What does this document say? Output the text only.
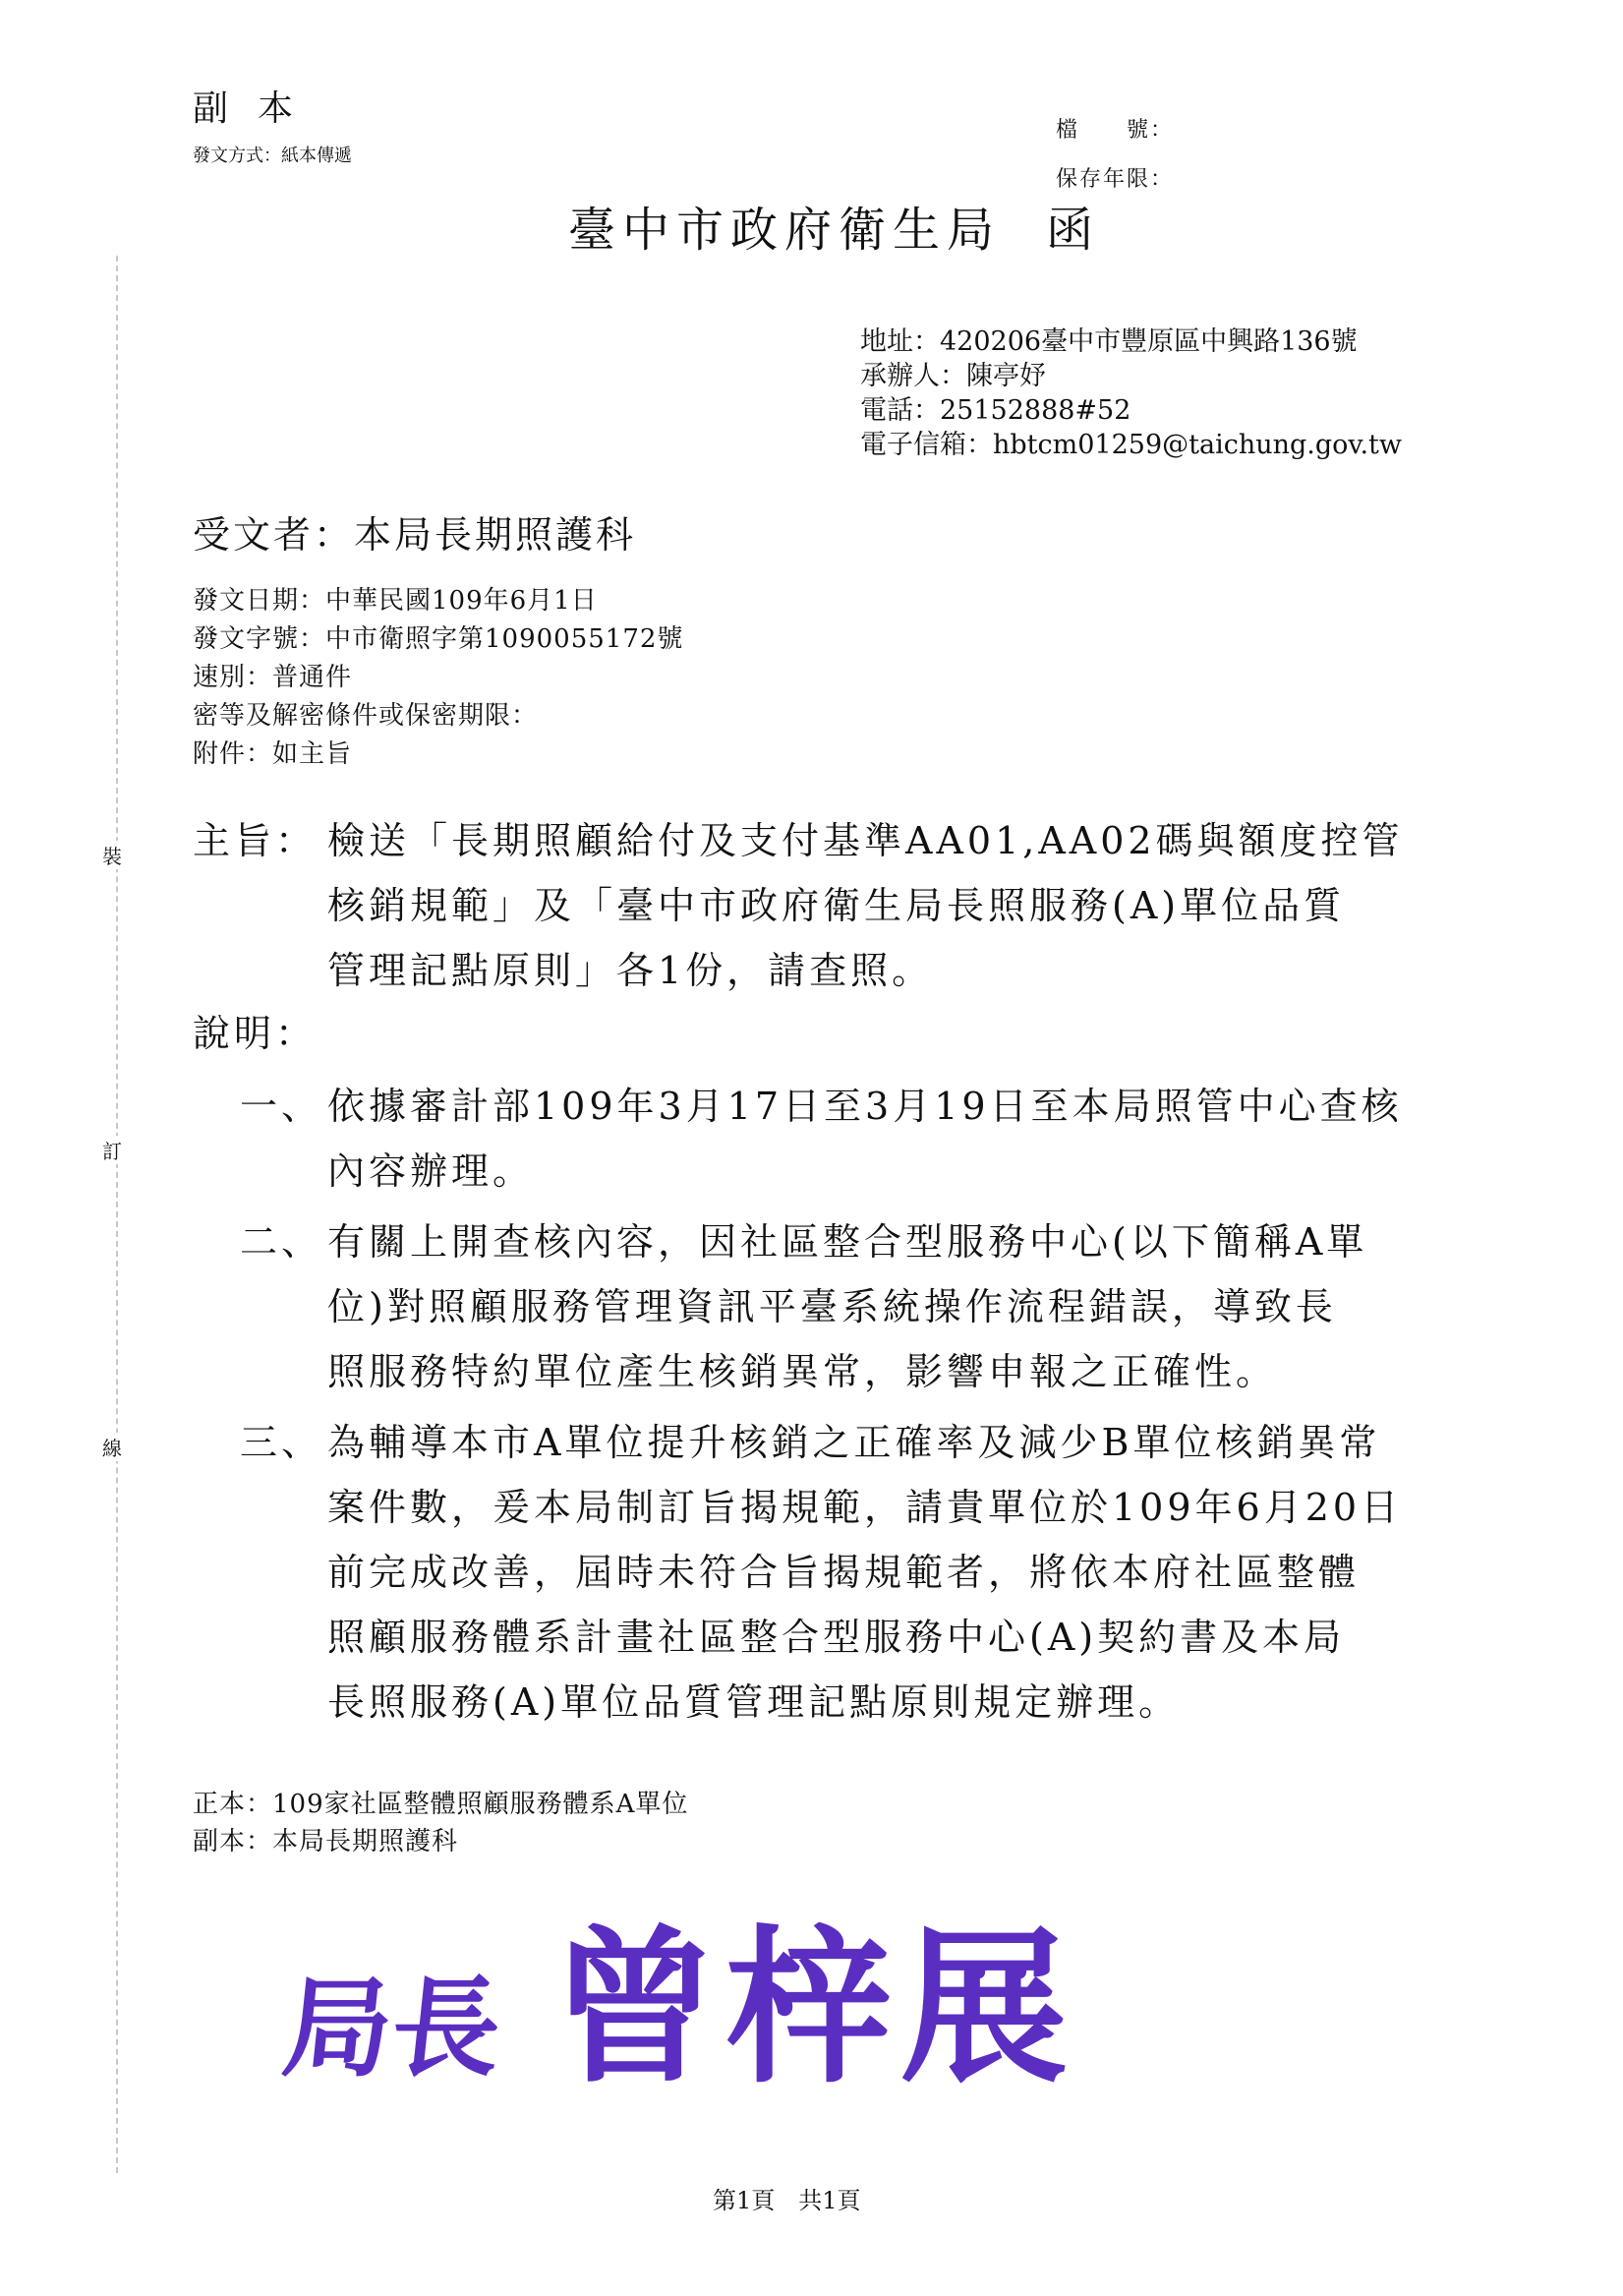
副本
發文方式：紙本傳遞
檔　　號：
保存年限：
臺中市政府衛生局 函
地址：420206臺中市豐原區中興路136號
承辦人：陳亭妤
電話：25152888#52
電子信箱：hbtcm01259@taichung.gov.tw
受文者：本局長期照護科
發文日期：中華民國109年6月1日
發文字號：中市衛照字第1090055172號
速別：普通件
密等及解密條件或保密期限：
附件：如主旨
裝
訂
線
主旨： 檢送「長期照顧給付及支付基準AA01,AA02碼與額度控管
核銷規範」及「臺中市政府衛生局長照服務(A)單位品質
管理記點原則」各1份，請查照。
說明：
一、 依據審計部109年3月17日至3月19日至本局照管中心查核
內容辦理。
二、 有關上開查核內容，因社區整合型服務中心(以下簡稱A單
位)對照顧服務管理資訊平臺系統操作流程錯誤，導致長
照服務特約單位產生核銷異常，影響申報之正確性。
三、 為輔導本市A單位提升核銷之正確率及減少B單位核銷異常
案件數，爰本局制訂旨揭規範，請貴單位於109年6月20日
前完成改善，屆時未符合旨揭規範者，將依本府社區整體
照顧服務體系計畫社區整合型服務中心(A)契約書及本局
長照服務(A)單位品質管理記點原則規定辦理。
正本：109家社區整體照顧服務體系A單位
副本：本局長期照護科
局長 曾梓展
第1頁　共1頁
